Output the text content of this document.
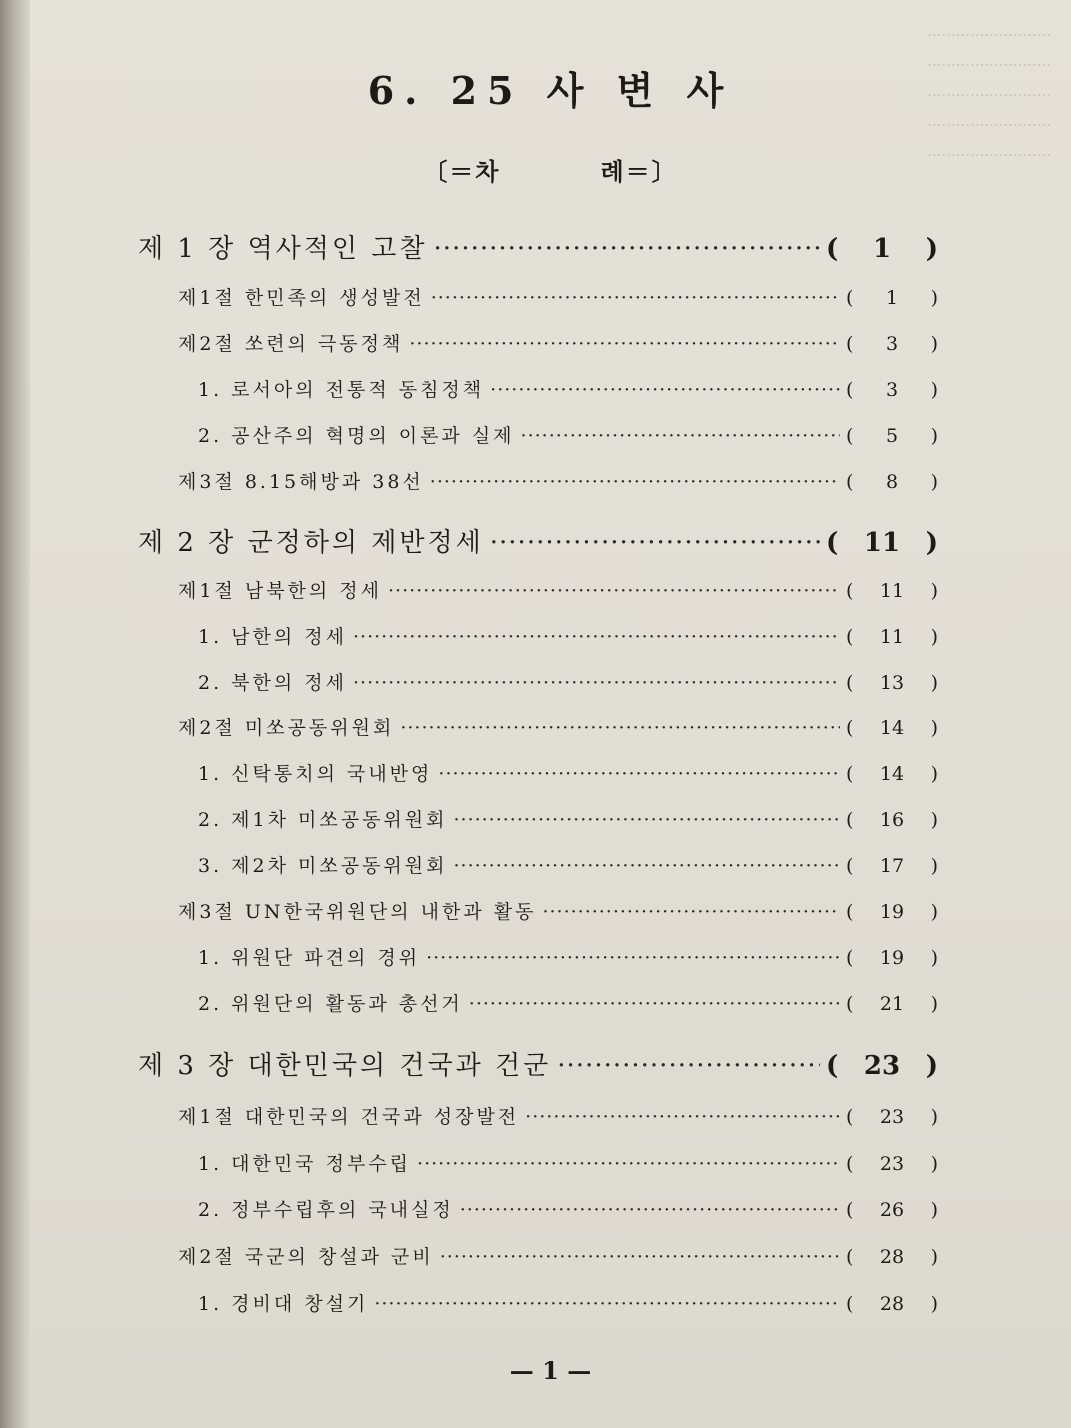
··························
··························
··························
··························
··························
6. 25 사 변 사
〔＝차	례＝〕
제 1 장 역사적인 고찰 ·····	( 1 )
제1절 한민족의 생성발전 ·····	( 1 )
제2절 쏘련의 극동정책 ·····	( 3 )
1. 로서아의 전통적 동침정책 ·····	( 3 )
2. 공산주의 혁명의 이론과 실제 ·····	( 5 )
제3절 8.15해방과 38선 ·····	( 8 )
제 2 장 군정하의 제반정세 ·····	( 11 )
제1절 남북한의 정세 ·····	( 11 )
1. 남한의 정세 ·····	( 11 )
2. 북한의 정세 ·····	( 13 )
제2절 미쏘공동위원회 ·····	( 14 )
1. 신탁통치의 국내반영 ·····	( 14 )
2. 제1차 미쏘공동위원회 ·····	( 16 )
3. 제2차 미쏘공동위원회 ·····	( 17 )
제3절 UN한국위원단의 내한과 활동 ·····	( 19 )
1. 위원단 파견의 경위 ·····	( 19 )
2. 위원단의 활동과 총선거 ·····	( 21 )
제 3 장 대한민국의 건국과 건군 ·····	( 23 )
제1절 대한민국의 건국과 성장발전 ·····	( 23 )
1. 대한민국 정부수립 ·····	( 23 )
2. 정부수립후의 국내실정 ·····	( 26 )
제2절 국군의 창설과 군비 ·····	( 28 )
1. 경비대 창설기 ·····	( 28 )
— 1 —
